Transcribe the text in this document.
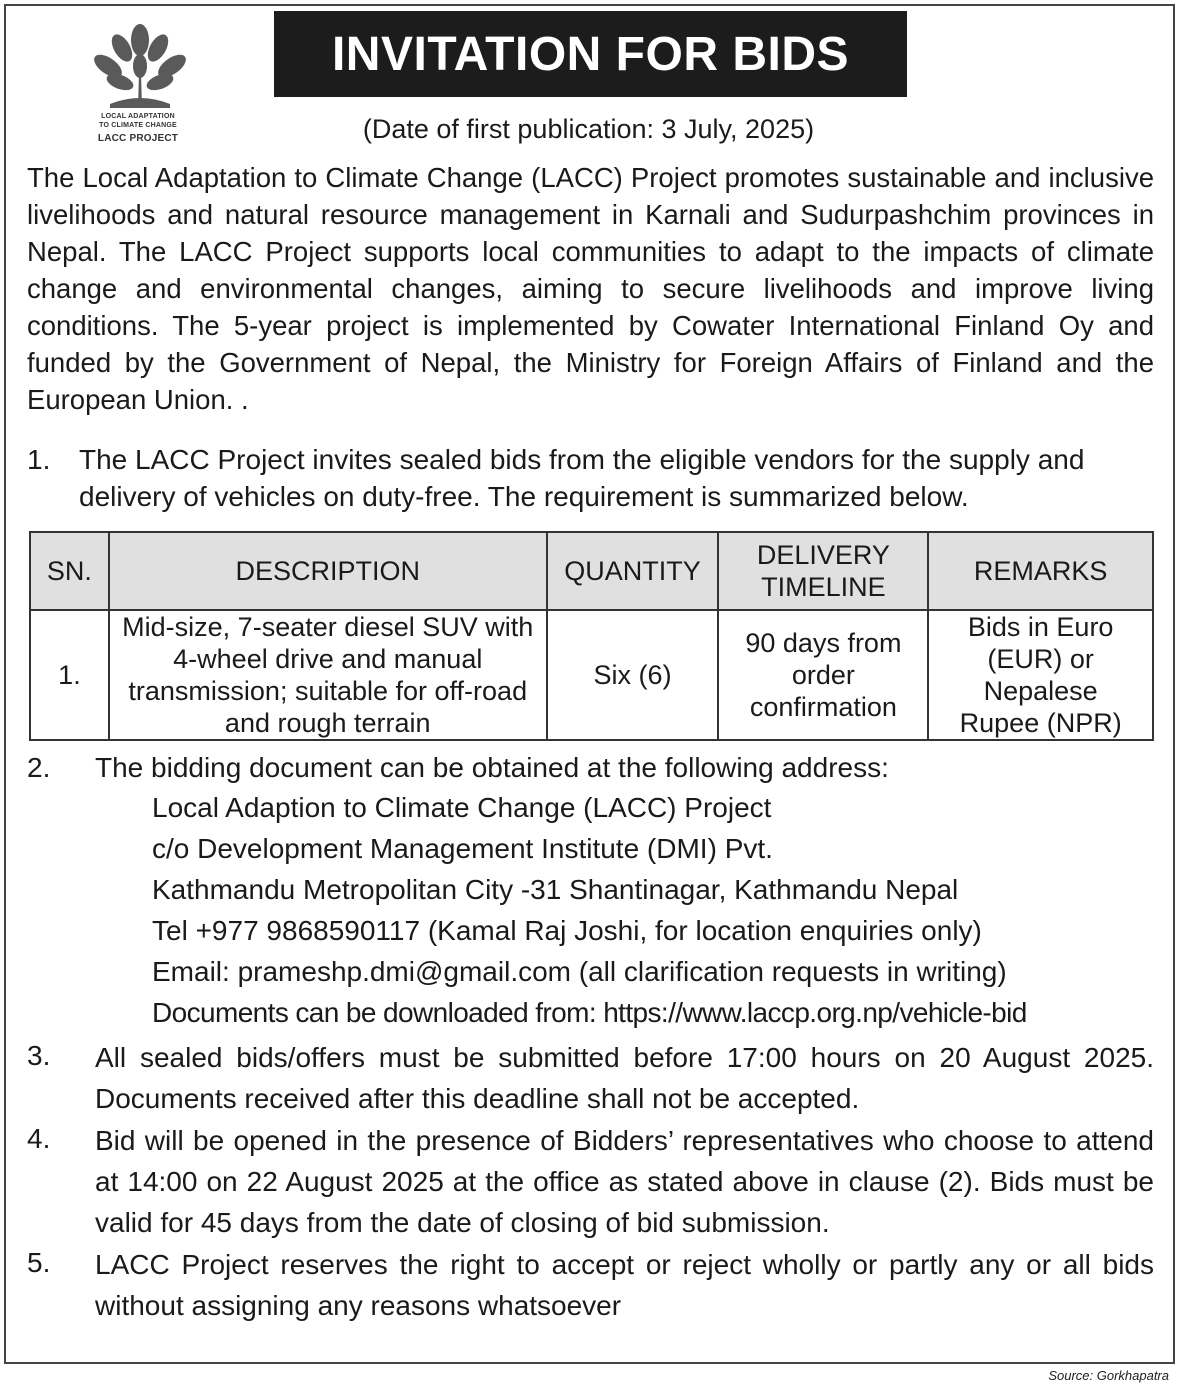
LOCAL ADAPTATION
TO CLIMATE CHANGE
LACC PROJECT
INVITATION FOR BIDS
(Date of first publication: 3 July, 2025)
The Local Adaptation to Climate Change (LACC) Project promotes sustainable and inclusive livelihoods and natural resource management in Karnali and Sudurpashchim provinces in Nepal. The LACC Project supports local communities to adapt to the impacts of climate change and environmental changes, aiming to secure livelihoods and improve living conditions. The 5-year project is implemented by Cowater International Finland Oy and funded by the Government of Nepal, the Ministry for Foreign Affairs of Finland and the European Union. .
1. The LACC Project invites sealed bids from the eligible vendors for the supply and delivery of vehicles on duty-free. The requirement is summarized below.
SN.	DESCRIPTION	QUANTITY	DELIVERY TIMELINE	REMARKS
1.	Mid-size, 7-seater diesel SUV with 4-wheel drive and manual transmission; suitable for off-road and rough terrain	Six (6)	90 days from order confirmation	Bids in Euro (EUR) or Nepalese Rupee (NPR)
2. The bidding document can be obtained at the following address:
Local Adaption to Climate Change (LACC) Project
c/o Development Management Institute (DMI) Pvt.
Kathmandu Metropolitan City -31 Shantinagar, Kathmandu Nepal
Tel +977 9868590117 (Kamal Raj Joshi, for location enquiries only)
Email: prameshp.dmi@gmail.com (all clarification requests in writing)
Documents can be downloaded from: https://www.laccp.org.np/vehicle-bid
3. All sealed bids/offers must be submitted before 17:00 hours on 20 August 2025. Documents received after this deadline shall not be accepted.
4. Bid will be opened in the presence of Bidders’ representatives who choose to attend at 14:00 on 22 August 2025 at the office as stated above in clause (2). Bids must be valid for 45 days from the date of closing of bid submission.
5. LACC Project reserves the right to accept or reject wholly or partly any or all bids without assigning any reasons whatsoever
Source: Gorkhapatra
